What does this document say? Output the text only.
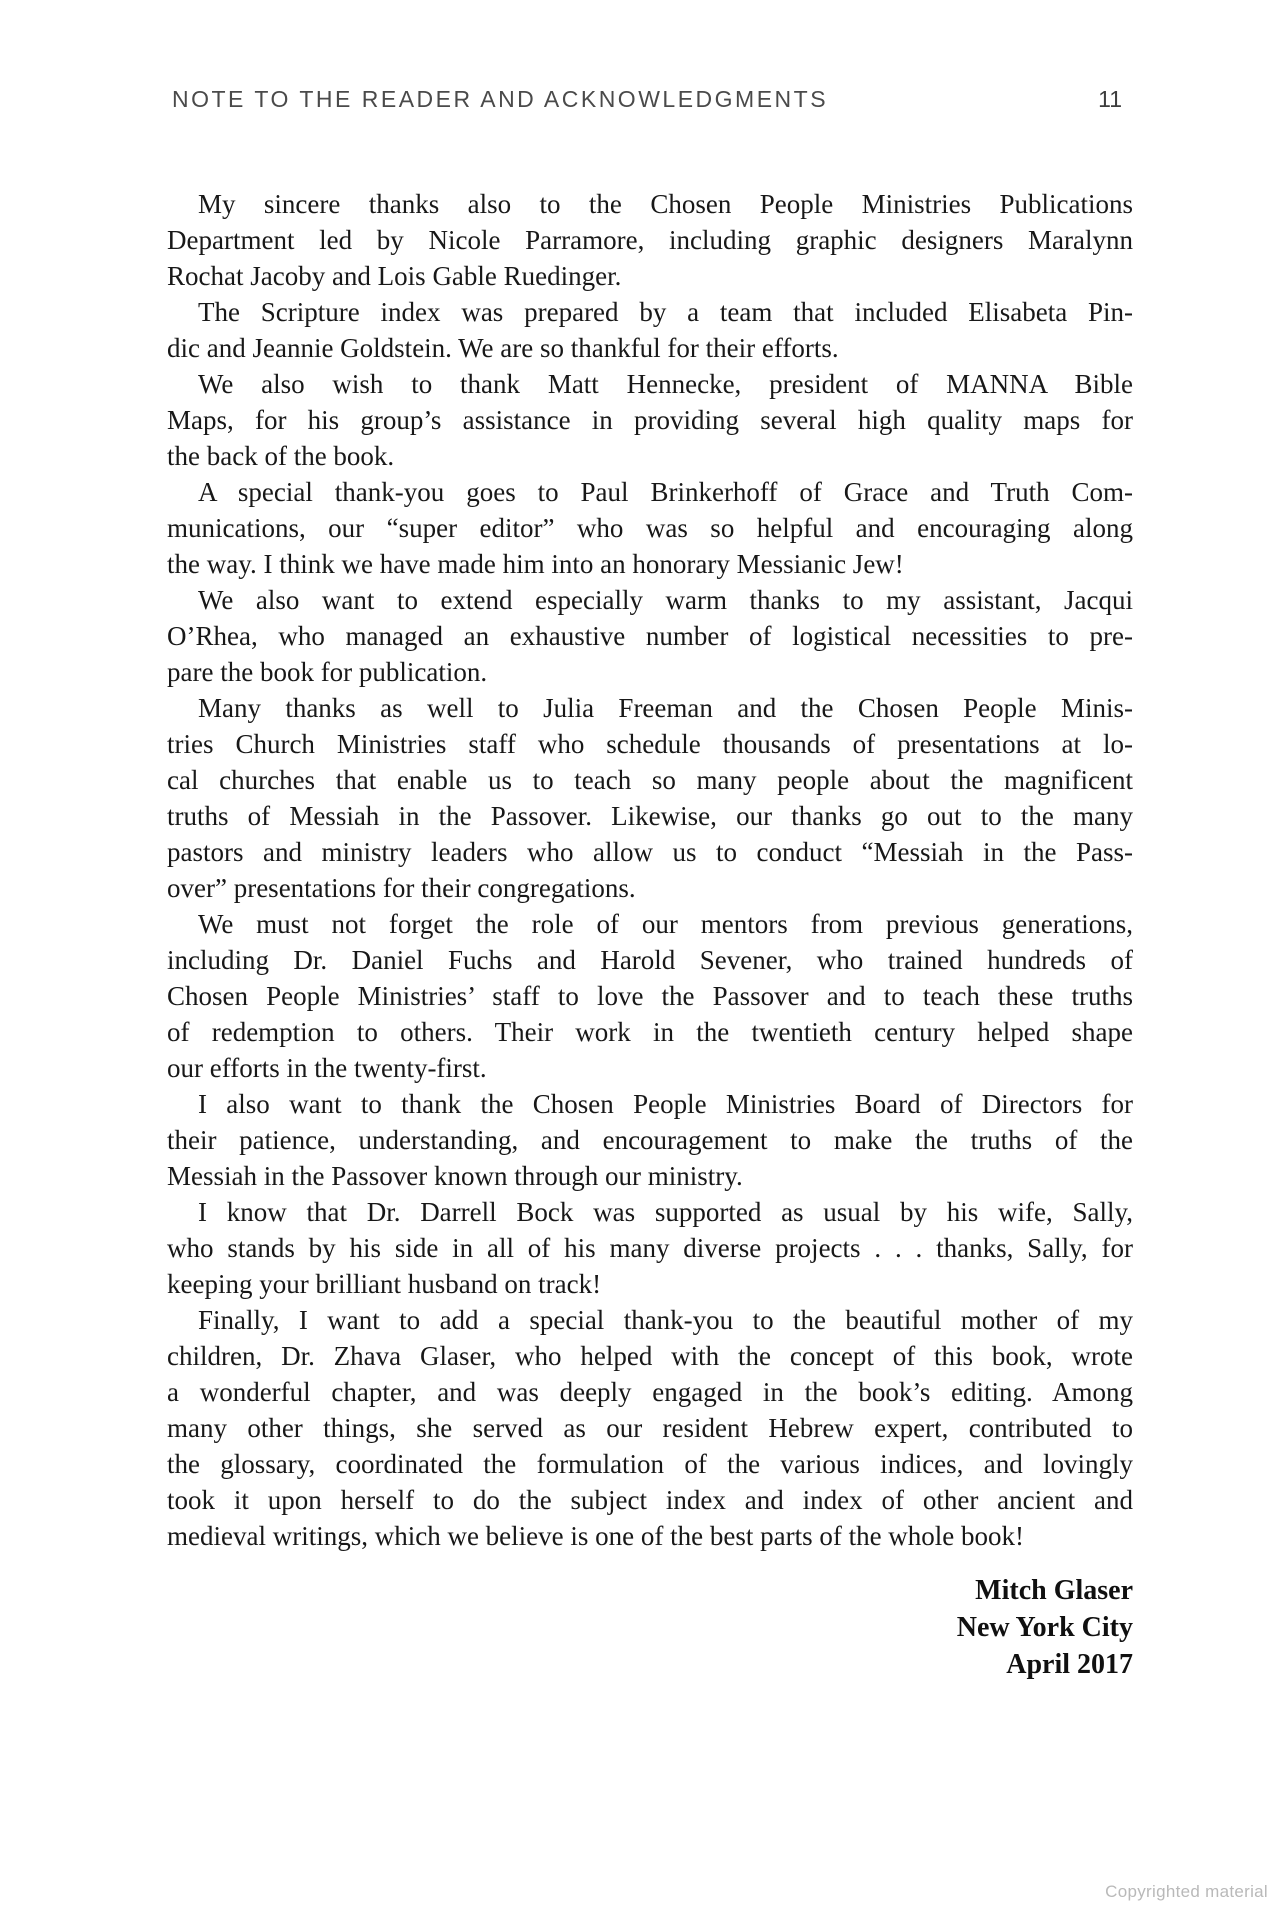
NOTE TO THE READER AND ACKNOWLEDGMENTS	11
My sincere thanks also to the Chosen People Ministries Publications
Department led by Nicole Parramore, including graphic designers Maralynn
Rochat Jacoby and Lois Gable Ruedinger.
The Scripture index was prepared by a team that included Elisabeta Pin-
dic and Jeannie Goldstein. We are so thankful for their efforts.
We also wish to thank Matt Hennecke, president of MANNA Bible
Maps, for his group’s assistance in providing several high quality maps for
the back of the book.
A special thank-you goes to Paul Brinkerhoff of Grace and Truth Com-
munications, our “super editor” who was so helpful and encouraging along
the way. I think we have made him into an honorary Messianic Jew!
We also want to extend especially warm thanks to my assistant, Jacqui
O’Rhea, who managed an exhaustive number of logistical necessities to pre-
pare the book for publication.
Many thanks as well to Julia Freeman and the Chosen People Minis-
tries Church Ministries staff who schedule thousands of presentations at lo-
cal churches that enable us to teach so many people about the magnificent
truths of Messiah in the Passover. Likewise, our thanks go out to the many
pastors and ministry leaders who allow us to conduct “Messiah in the Pass-
over” presentations for their congregations.
We must not forget the role of our mentors from previous generations,
including Dr. Daniel Fuchs and Harold Sevener, who trained hundreds of
Chosen People Ministries’ staff to love the Passover and to teach these truths
of redemption to others. Their work in the twentieth century helped shape
our efforts in the twenty-first.
I also want to thank the Chosen People Ministries Board of Directors for
their patience, understanding, and encouragement to make the truths of the
Messiah in the Passover known through our ministry.
I know that Dr. Darrell Bock was supported as usual by his wife, Sally,
who stands by his side in all of his many diverse projects . . . thanks, Sally, for
keeping your brilliant husband on track!
Finally, I want to add a special thank-you to the beautiful mother of my
children, Dr. Zhava Glaser, who helped with the concept of this book, wrote
a wonderful chapter, and was deeply engaged in the book’s editing. Among
many other things, she served as our resident Hebrew expert, contributed to
the glossary, coordinated the formulation of the various indices, and lovingly
took it upon herself to do the subject index and index of other ancient and
medieval writings, which we believe is one of the best parts of the whole book!
Mitch Glaser
New York City
April 2017
Copyrighted material
